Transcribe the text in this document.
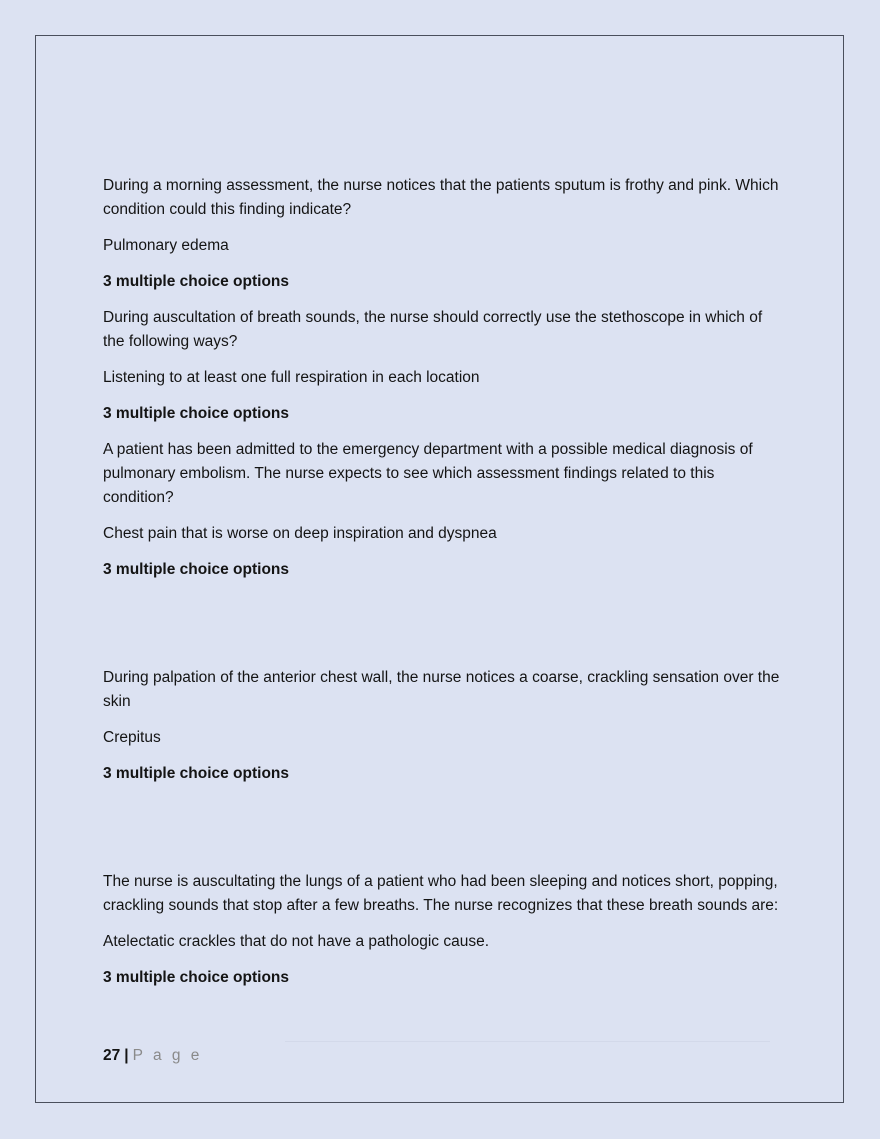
During a morning assessment, the nurse notices that the patients sputum is frothy and pink. Which condition could this finding indicate?

Pulmonary edema

3 multiple choice options

During auscultation of breath sounds, the nurse should correctly use the stethoscope in which of the following ways?

Listening to at least one full respiration in each location

3 multiple choice options

A patient has been admitted to the emergency department with a possible medical diagnosis of pulmonary embolism. The nurse expects to see which assessment findings related to this condition?

Chest pain that is worse on deep inspiration and dyspnea

3 multiple choice options

During palpation of the anterior chest wall, the nurse notices a coarse, crackling sensation over the skin

Crepitus

3 multiple choice options

The nurse is auscultating the lungs of a patient who had been sleeping and notices short, popping, crackling sounds that stop after a few breaths. The nurse recognizes that these breath sounds are:

Atelectatic crackles that do not have a pathologic cause.

3 multiple choice options

27 | P a g e
